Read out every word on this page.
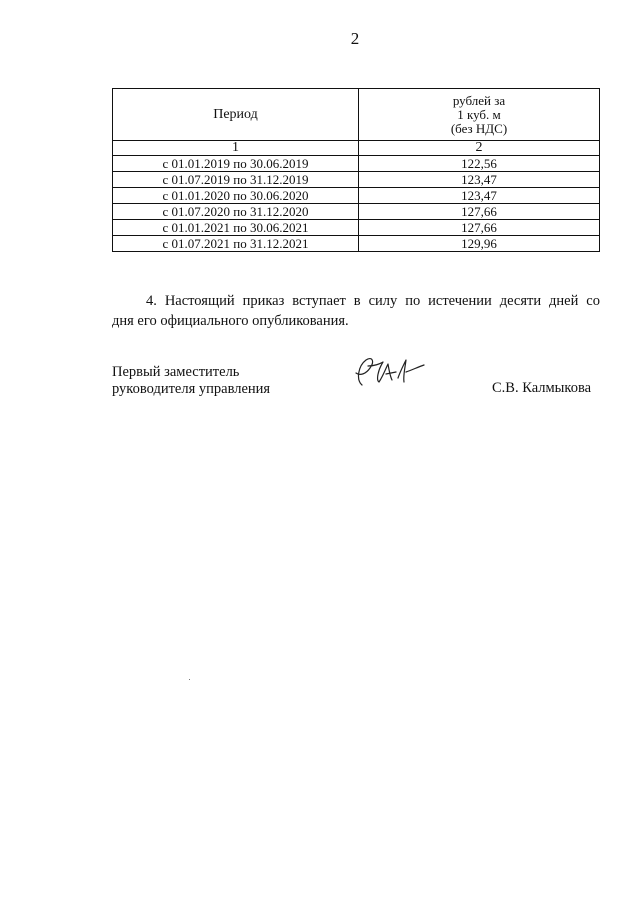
2
Период	рублей за
1 куб. м
(без НДС)

1	2
с 01.01.2019 по 30.06.2019	122,56
с 01.07.2019 по 31.12.2019	123,47
с 01.01.2020 по 30.06.2020	123,47
с 01.07.2020 по 31.12.2020	127,66
с 01.01.2021 по 30.06.2021	127,66
с 01.07.2021 по 31.12.2021	129,96
4. Настоящий приказ вступает в силу по истечении десяти дней со
дня его официального опубликования.
Первый заместитель
руководителя управления	С.В. Калмыкова
